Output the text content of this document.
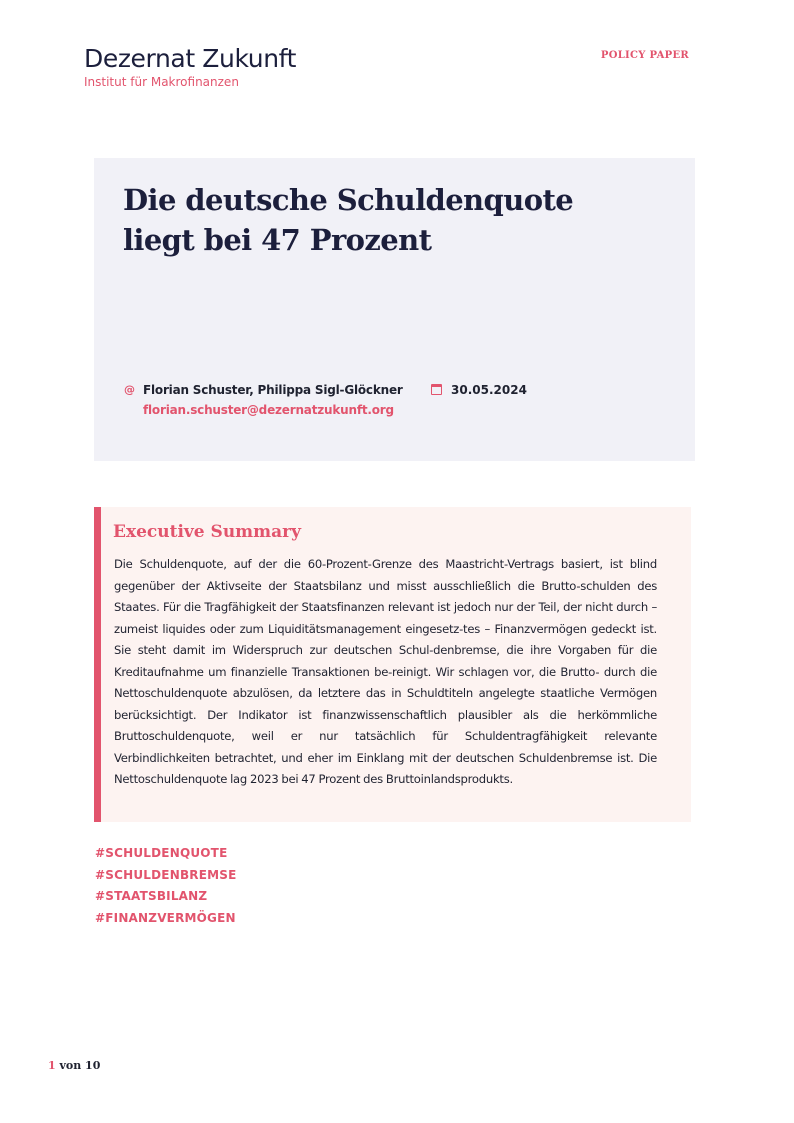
Dezernat Zukunft
Institut für Makrofinanzen
POLICY PAPER
Die deutsche Schuldenquote liegt bei 47 Prozent
@ Florian Schuster, Philippa Sigl-Glöckner
florian.schuster@dezernatzukunft.org
30.05.2024
Executive Summary

Die Schuldenquote, auf der die 60-Prozent-Grenze des Maastricht-Vertrags basiert, ist blind gegenüber der Aktivseite der Staatsbilanz und misst ausschließlich die Brutto-schulden des Staates. Für die Tragfähigkeit der Staatsfinanzen relevant ist jedoch nur der Teil, der nicht durch – zumeist liquides oder zum Liquiditätsmanagement eingesetz-tes – Finanzvermögen gedeckt ist. Sie steht damit im Widerspruch zur deutschen Schul-denbremse, die ihre Vorgaben für die Kreditaufnahme um finanzielle Transaktionen be-reinigt. Wir schlagen vor, die Brutto- durch die Nettoschuldenquote abzulösen, da letztere das in Schuldtiteln angelegte staatliche Vermögen berücksichtigt. Der Indikator ist finanzwissenschaftlich plausibler als die herkömmliche Bruttoschuldenquote, weil er nur tatsächlich für Schuldentragfähigkeit relevante Verbindlichkeiten betrachtet, und eher im Einklang mit der deutschen Schuldenbremse ist. Die Nettoschuldenquote lag 2023 bei 47 Prozent des Bruttoinlandsprodukts.

#SCHULDENQUOTE
#SCHULDENBREMSE
#STAATSBILANZ
#FINANZVERMÖGEN
1 von 10
